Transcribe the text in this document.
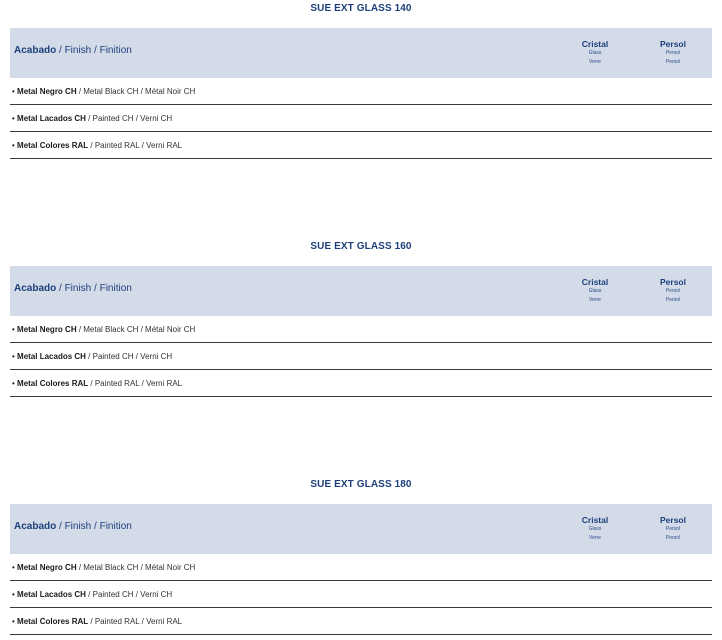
SUE EXT GLASS 140
Acabado / Finish / Finition
Cristal
Glass
Verre
Persol
Persol
Persol
• Metal Negro CH / Metal Black CH / Métal Noir CH
• Metal Lacados CH / Painted CH / Verni CH
• Metal Colores RAL / Painted RAL / Verni RAL
SUE EXT GLASS 160
Acabado / Finish / Finition
Cristal
Glass
Verre
Persol
Persol
Persol
• Metal Negro CH / Metal Black CH / Métal Noir CH
• Metal Lacados CH / Painted CH / Verni CH
• Metal Colores RAL / Painted RAL / Verni RAL
SUE EXT GLASS 180
Acabado / Finish / Finition
Cristal
Glass
Verre
Persol
Persol
Persol
• Metal Negro CH / Metal Black CH / Métal Noir CH
• Metal Lacados CH / Painted CH / Verni CH
• Metal Colores RAL / Painted RAL / Verni RAL
